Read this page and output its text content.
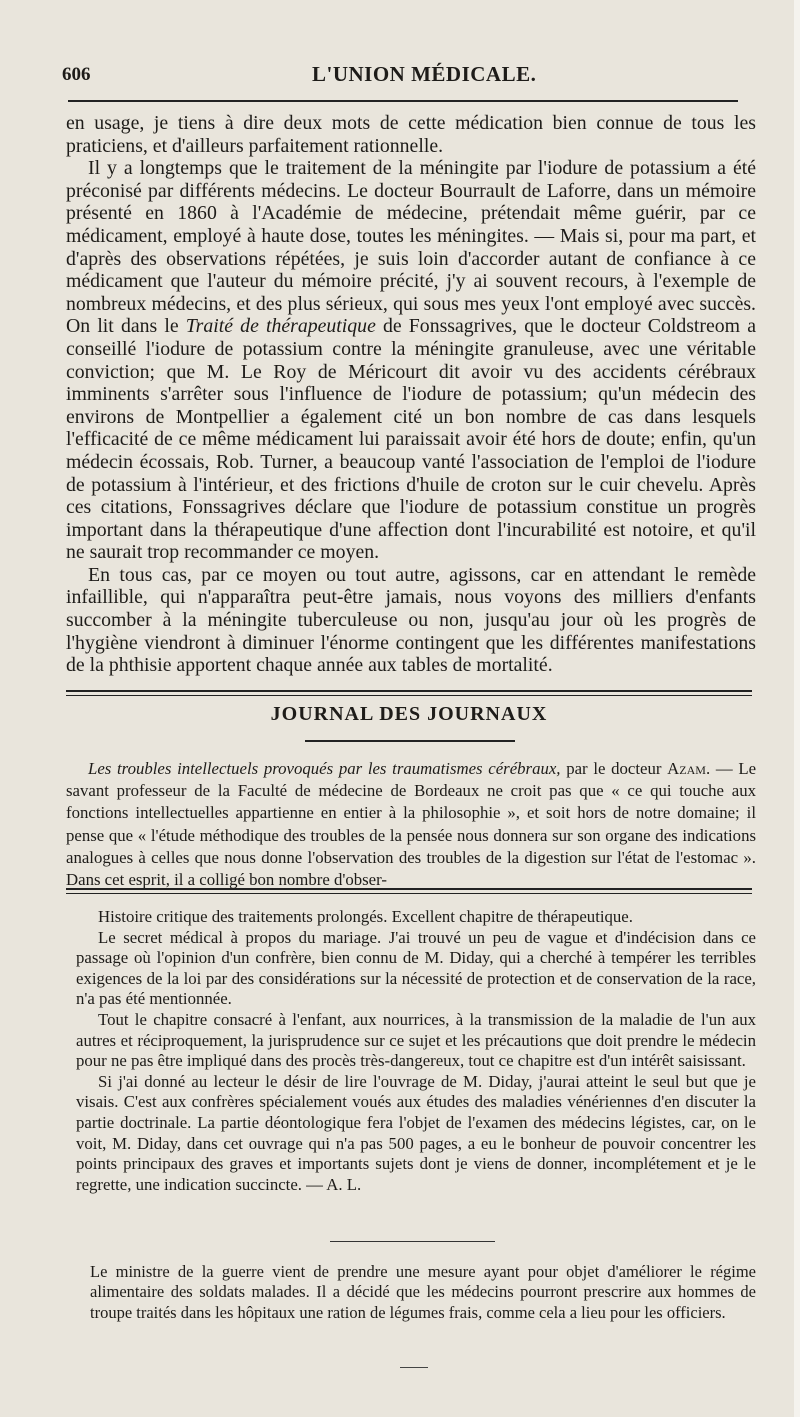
606	L'UNION MÉDICALE.

en usage, je tiens à dire deux mots de cette médication bien connue de tous les praticiens, et d'ailleurs parfaitement rationnelle.

Il y a longtemps que le traitement de la méningite par l'iodure de potassium a été préconisé par différents médecins. Le docteur Bourrault de Laforre, dans un mémoire présenté en 1860 à l'Académie de médecine, prétendait même guérir, par ce médicament, employé à haute dose, toutes les méningites. — Mais si, pour ma part, et d'après des observations répétées, je suis loin d'accorder autant de confiance à ce médicament que l'auteur du mémoire précité, j'y ai souvent recours, à l'exemple de nombreux médecins, et des plus sérieux, qui sous mes yeux l'ont employé avec succès. On lit dans le Traité de thérapeutique de Fonssagrives, que le docteur Coldstreom a conseillé l'iodure de potassium contre la méningite granuleuse, avec une véritable conviction; que M. Le Roy de Méricourt dit avoir vu des accidents cérébraux imminents s'arrêter sous l'influence de l'iodure de potassium; qu'un médecin des environs de Montpellier a également cité un bon nombre de cas dans lesquels l'efficacité de ce même médicament lui paraissait avoir été hors de doute; enfin, qu'un médecin écossais, Rob. Turner, a beaucoup vanté l'association de l'emploi de l'iodure de potassium à l'intérieur, et des frictions d'huile de croton sur le cuir chevelu. Après ces citations, Fonssagrives déclare que l'iodure de potassium constitue un progrès important dans la thérapeutique d'une affection dont l'incurabilité est notoire, et qu'il ne saurait trop recommander ce moyen.

En tous cas, par ce moyen ou tout autre, agissons, car en attendant le remède infaillible, qui n'apparaîtra peut-être jamais, nous voyons des milliers d'enfants succomber à la méningite tuberculeuse ou non, jusqu'au jour où les progrès de l'hygiène viendront à diminuer l'énorme contingent que les différentes manifestations de la phthisie apportent chaque année aux tables de mortalité.

JOURNAL DES JOURNAUX

Les troubles intellectuels provoqués par les traumatismes cérébraux, par le docteur Azam. — Le savant professeur de la Faculté de médecine de Bordeaux ne croit pas que « ce qui touche aux fonctions intellectuelles appartienne en entier à la philosophie », et soit hors de notre domaine; il pense que « l'étude méthodique des troubles de la pensée nous donnera sur son organe des indications analogues à celles que nous donne l'observation des troubles de la digestion sur l'état de l'estomac ». Dans cet esprit, il a colligé bon nombre d'obser-

Histoire critique des traitements prolongés. Excellent chapitre de thérapeutique.

Le secret médical à propos du mariage. J'ai trouvé un peu de vague et d'indécision dans ce passage où l'opinion d'un confrère, bien connu de M. Diday, qui a cherché à tempérer les terribles exigences de la loi par des considérations sur la nécessité de protection et de conservation de la race, n'a pas été mentionnée.

Tout le chapitre consacré à l'enfant, aux nourrices, à la transmission de la maladie de l'un aux autres et réciproquement, la jurisprudence sur ce sujet et les précautions que doit prendre le médecin pour ne pas être impliqué dans des procès très-dangereux, tout ce chapitre est d'un intérêt saisissant.

Si j'ai donné au lecteur le désir de lire l'ouvrage de M. Diday, j'aurai atteint le seul but que je visais. C'est aux confrères spécialement voués aux études des maladies vénériennes d'en discuter la partie doctrinale. La partie déontologique fera l'objet de l'examen des médecins légistes, car, on le voit, M. Diday, dans cet ouvrage qui n'a pas 500 pages, a eu le bonheur de pouvoir concentrer les points principaux des graves et importants sujets dont je viens de donner, incomplétement et je le regrette, une indication succincte. — A. L.

Le ministre de la guerre vient de prendre une mesure ayant pour objet d'améliorer le régime alimentaire des soldats malades. Il a décidé que les médecins pourront prescrire aux hommes de troupe traités dans les hôpitaux une ration de légumes frais, comme cela a lieu pour les officiers.
